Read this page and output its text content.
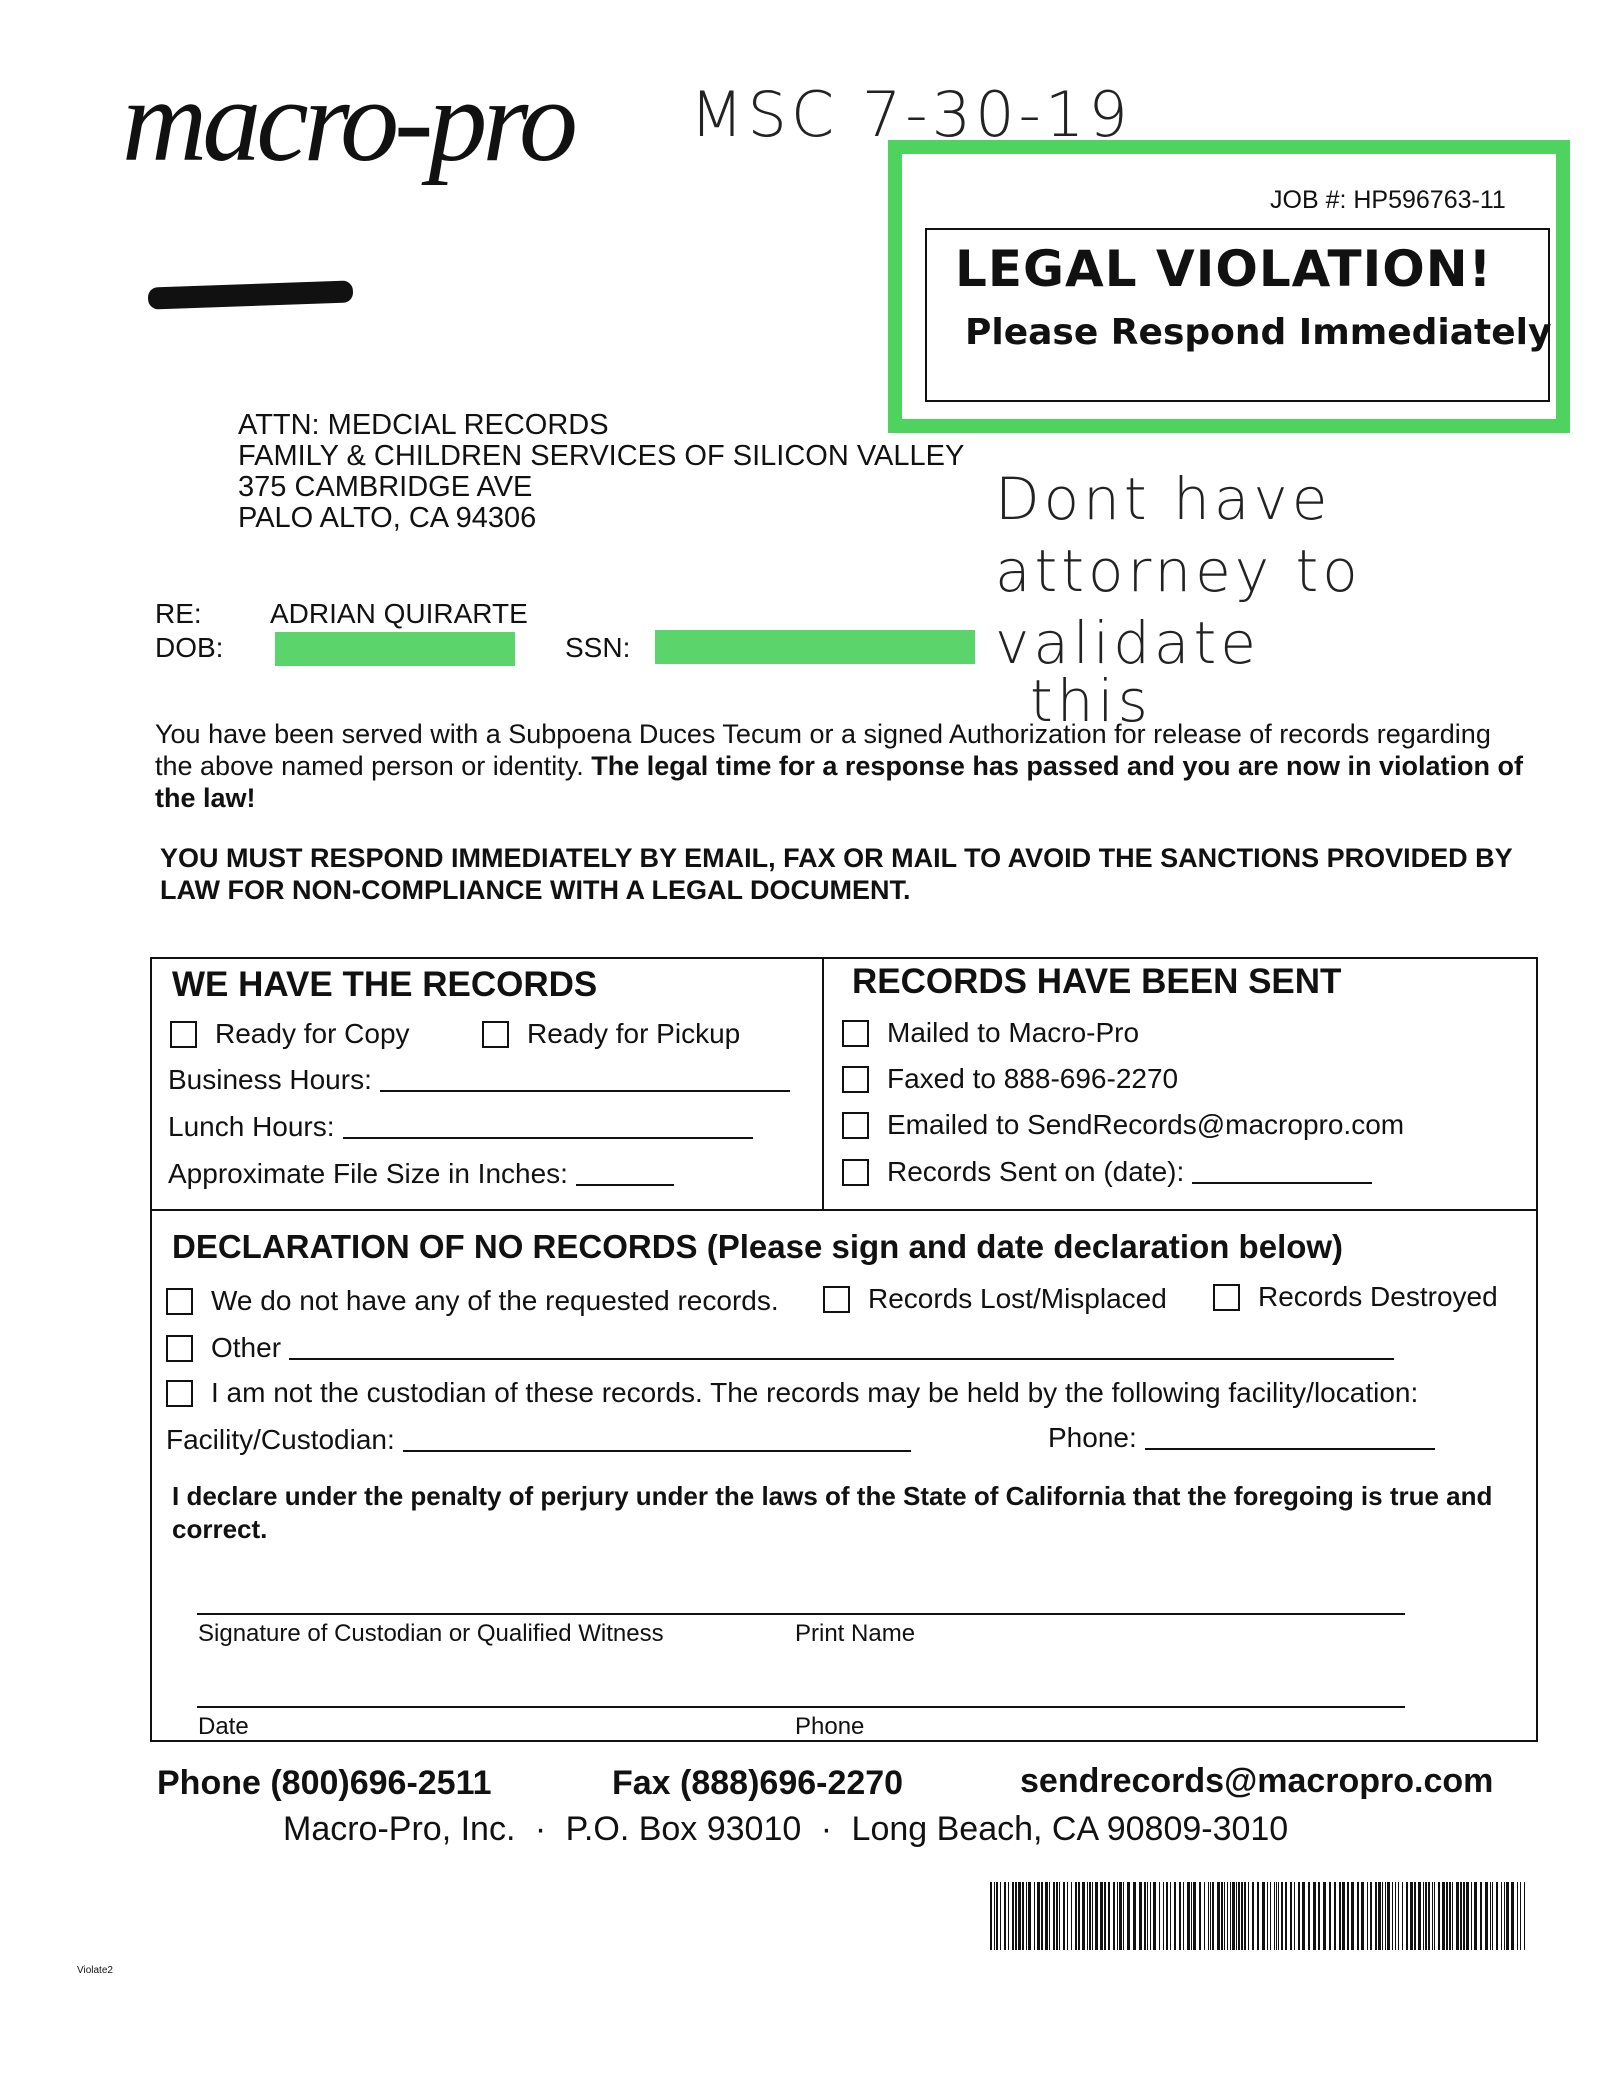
macro-pro MSC 7-30-19
JOB #: HP596763-11
LEGAL VIOLATION!
Please Respond Immediately
Dont have
attorney to
validate
this
ATTN: MEDCIAL RECORDS
FAMILY & CHILDREN SERVICES OF SILICON VALLEY
375 CAMBRIDGE AVE
PALO ALTO, CA 94306
RE: ADRIAN QUIRARTE
DOB:	SSN:
You have been served with a Subpoena Duces Tecum or a signed Authorization for release of records regarding the above named person or identity. The legal time for a response has passed and you are now in violation of the law!
YOU MUST RESPOND IMMEDIATELY BY EMAIL, FAX OR MAIL TO AVOID THE SANCTIONS PROVIDED BY LAW FOR NON-COMPLIANCE WITH A LEGAL DOCUMENT.
WE HAVE THE RECORDS
Ready for Copy	Ready for Pickup
Business Hours:
Lunch Hours:
Approximate File Size in Inches:
RECORDS HAVE BEEN SENT
Mailed to Macro-Pro
Faxed to 888-696-2270
Emailed to SendRecords@macropro.com
Records Sent on (date):
DECLARATION OF NO RECORDS (Please sign and date declaration below)
We do not have any of the requested records.	Records Lost/Misplaced	Records Destroyed
Other
I am not the custodian of these records. The records may be held by the following facility/location:
Facility/Custodian:	Phone:
I declare under the penalty of perjury under the laws of the State of California that the foregoing is true and correct.
Signature of Custodian or Qualified Witness	Print Name
Date	Phone
Phone (800)696-2511	Fax (888)696-2270	sendrecords@macropro.com
Macro-Pro, Inc. · P.O. Box 93010 · Long Beach, CA 90809-3010
Violate2
